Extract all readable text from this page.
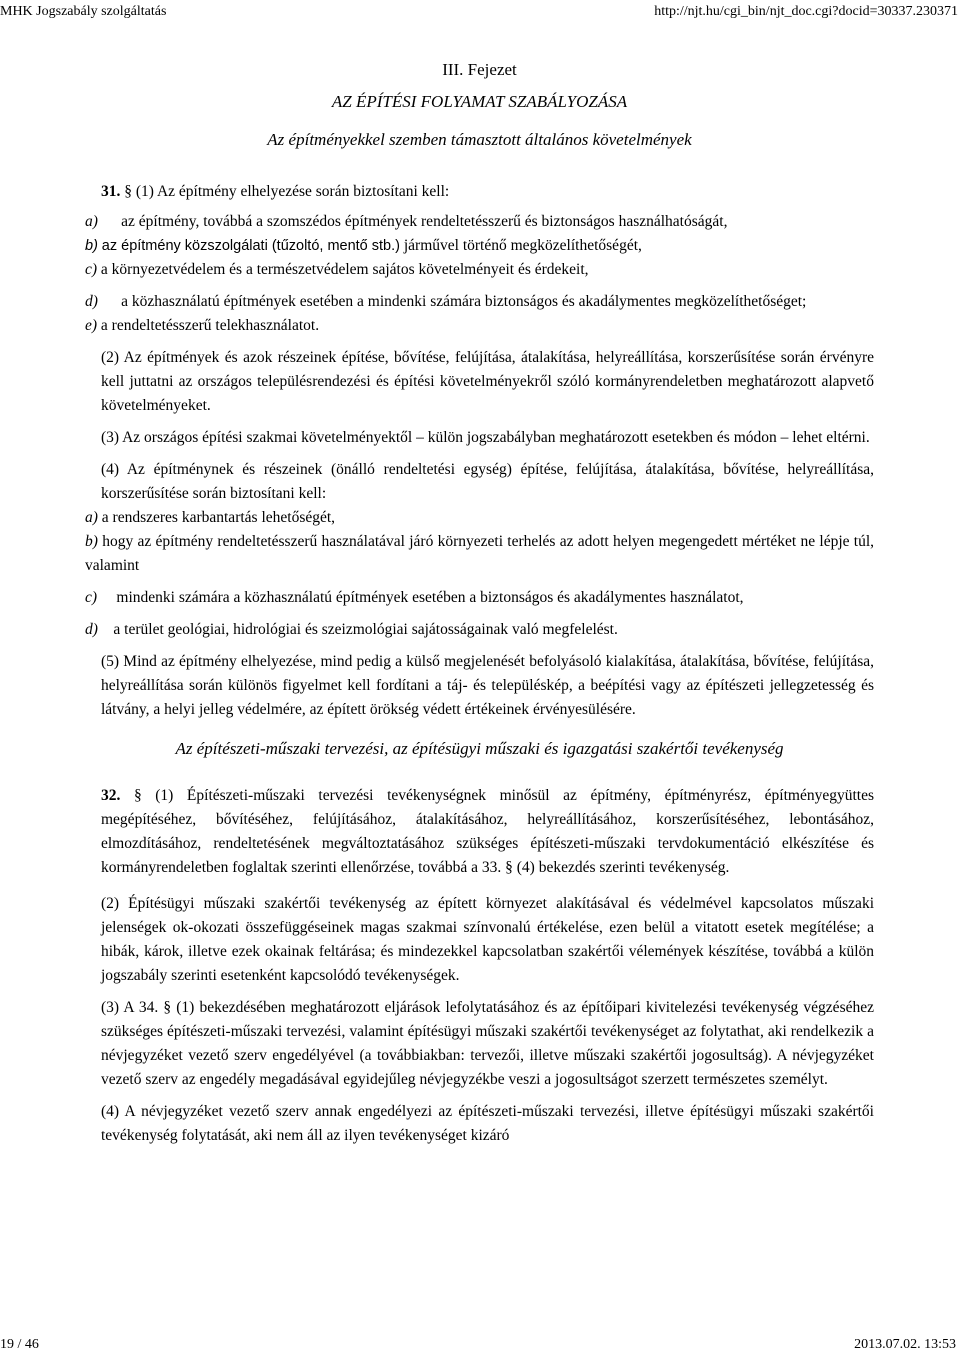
MHK Jogszabály szolgáltatás	http://njt.hu/cgi_bin/njt_doc.cgi?docid=30337.230371
III. Fejezet
AZ ÉPÍTÉSI FOLYAMAT SZABÁLYOZÁSA
Az építményekkel szemben támasztott általános követelmények

31. § (1) Az építmény elhelyezése során biztosítani kell:

a) az építmény, továbbá a szomszédos építmények rendeltetésszerű és biztonságos használhatóságát,

b) az építmény közszolgálati (tűzoltó, mentő stb.) járművel történő megközelíthetőségét,

c) a környezetvédelem és a természetvédelem sajátos követelményeit és érdekeit,

d) a közhasználatú építmények esetében a mindenki számára biztonságos és akadálymentes megközelíthetőséget;

e) a rendeltetésszerű telekhasználatot.

(2) Az építmények és azok részeinek építése, bővítése, felújítása, átalakítása, helyreállítása, korszerűsítése során érvényre kell juttatni az országos településrendezési és építési követelményekről szóló kormányrendeletben meghatározott alapvető követelményeket.

(3) Az országos építési szakmai követelményektől – külön jogszabályban meghatározott esetekben és módon – lehet eltérni.

(4) Az építménynek és részeinek (önálló rendeltetési egység) építése, felújítása, átalakítása, bővítése, helyreállítása, korszerűsítése során biztosítani kell:

a) a rendszeres karbantartás lehetőségét,

b) hogy az építmény rendeltetésszerű használatával járó környezeti terhelés az adott helyen megengedett mértéket ne lépje túl, valamint

c) mindenki számára a közhasználatú építmények esetében a biztonságos és akadálymentes használatot,

d) a terület geológiai, hidrológiai és szeizmológiai sajátosságainak való megfelelést.

(5) Mind az építmény elhelyezése, mind pedig a külső megjelenését befolyásoló kialakítása, átalakítása, bővítése, felújítása, helyreállítása során különös figyelmet kell fordítani a táj- és településkép, a beépítési vagy az építészeti jellegzetesség és látvány, a helyi jelleg védelmére, az épített örökség védett értékeinek érvényesülésére.

Az építészeti-műszaki tervezési, az építésügyi műszaki és igazgatási szakértői tevékenység

32. § (1) Építészeti-műszaki tervezési tevékenységnek minősül az építmény, építményrész, építményegyüttes megépítéséhez, bővítéséhez, felújításához, átalakításához, helyreállításához, korszerűsítéséhez, lebontásához, elmozdításához, rendeltetésének megváltoztatásához szükséges építészeti-műszaki tervdokumentáció elkészítése és kormányrendeletben foglaltak szerinti ellenőrzése, továbbá a 33. § (4) bekezdés szerinti tevékenység.

(2) Építésügyi műszaki szakértői tevékenység az épített környezet alakításával és védelmével kapcsolatos műszaki jelenségek ok-okozati összefüggéseinek magas szakmai színvonalú értékelése, ezen belül a vitatott esetek megítélése; a hibák, károk, illetve ezek okainak feltárása; és mindezekkel kapcsolatban szakértői vélemények készítése, továbbá a külön jogszabály szerinti esetenként kapcsolódó tevékenységek.

(3) A 34. § (1) bekezdésében meghatározott eljárások lefolytatásához és az építőipari kivitelezési tevékenység végzéséhez szükséges építészeti-műszaki tervezési, valamint építésügyi műszaki szakértői tevékenységet az folytathat, aki rendelkezik a névjegyzéket vezető szerv engedélyével (a továbbiakban: tervezői, illetve műszaki szakértői jogosultság). A névjegyzéket vezető szerv az engedély megadásával egyidejűleg névjegyzékbe veszi a jogosultságot szerzett természetes személyt.

(4) A névjegyzéket vezető szerv annak engedélyezi az építészeti-műszaki tervezési, illetve építésügyi műszaki szakértői tevékenység folytatását, aki nem áll az ilyen tevékenységet kizáró

19 / 46	2013.07.02. 13:53
